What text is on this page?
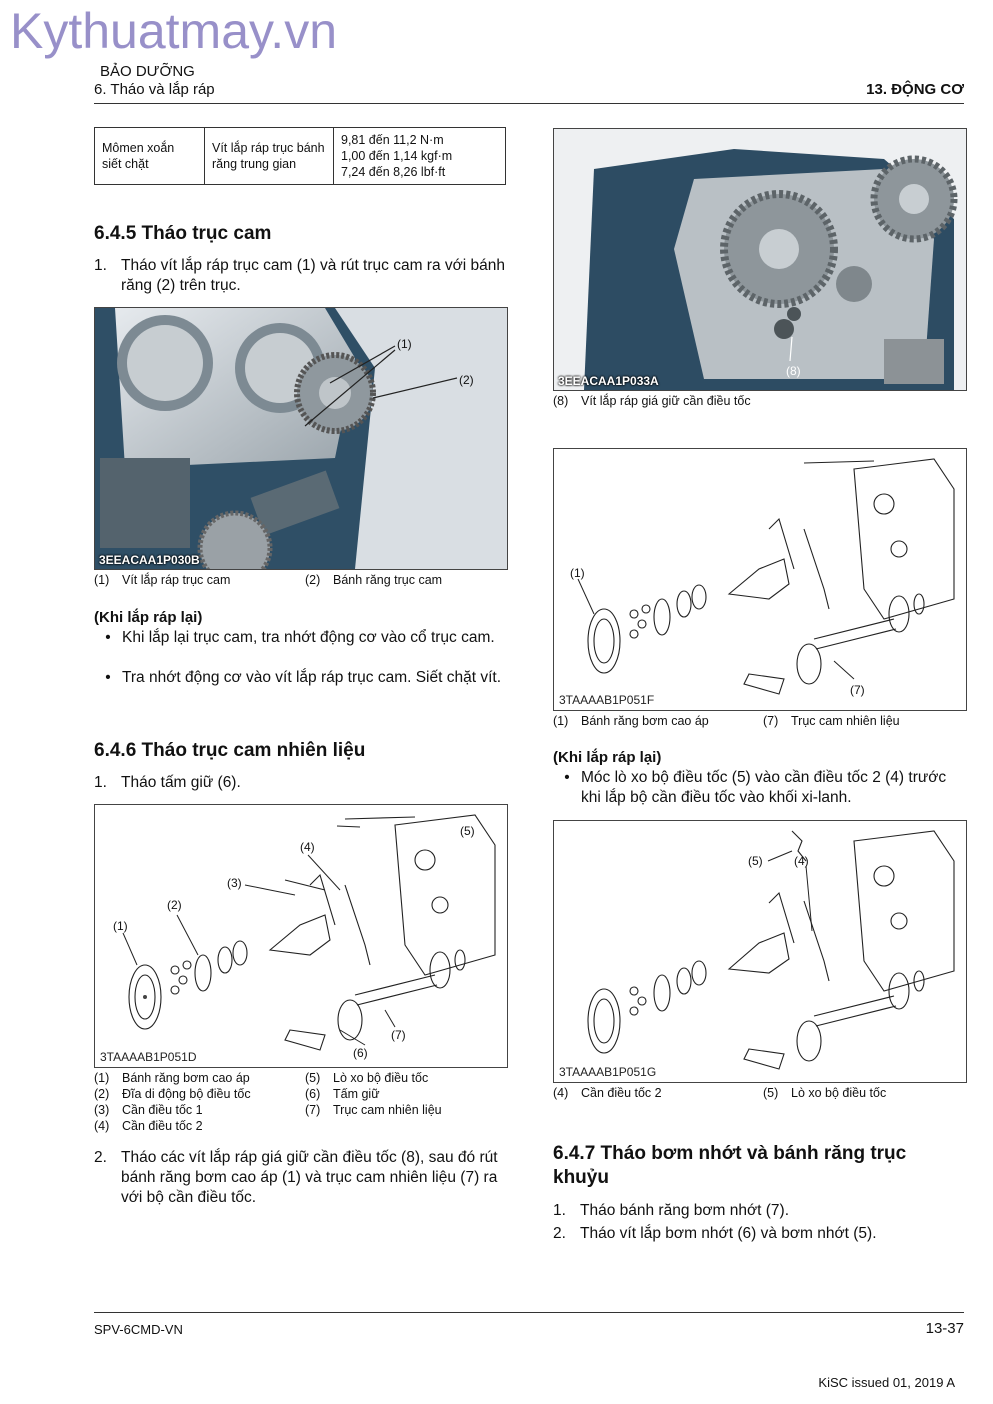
Kythuatmay.vn
BẢO DƯỠNG
6. Tháo và lắp ráp	13. ĐỘNG CƠ
Mômen xoắn siết chặt	Vít lắp ráp trục bánh răng trung gian	
9,81 đến 11,2 N·m
1,00 đến 1,14 kgf·m
7,24 đến 8,26 lbf·ft
6.4.5 Tháo trục cam
1. Tháo vít lắp ráp trục cam (1) và rút trục cam ra với bánh răng (2) trên trục.
(1)
(2)
3EEACAA1P030B
(1) Vít lắp ráp trục cam	(2) Bánh răng trục cam
(Khi lắp ráp lại)
• Khi lắp lại trục cam, tra nhớt động cơ vào cổ trục cam.
• Tra nhớt động cơ vào vít lắp ráp trục cam. Siết chặt vít.
6.4.6 Tháo trục cam nhiên liệu
1. Tháo tấm giữ (6).
(1)
(2)
(3)
(4)
(5)
(6)
(7)
3TAAAAB1P051D
(1) Bánh răng bơm cao áp
(2) Đĩa di động bộ điều tốc
(3) Cần điều tốc 1
(4) Cần điều tốc 2
(5) Lò xo bộ điều tốc
(6) Tấm giữ
(7) Trục cam nhiên liệu
2. Tháo các vít lắp ráp giá giữ cần điều tốc (8), sau đó rút bánh răng bơm cao áp (1) và trục cam nhiên liệu (7) ra với bộ cần điều tốc.
(8)
3EEACAA1P033A
(8) Vít lắp ráp giá giữ cần điều tốc
(1)
(7)
3TAAAAB1P051F
(1) Bánh răng bơm cao áp	(7) Trục cam nhiên liệu
(Khi lắp ráp lại)
• Móc lò xo bộ điều tốc (5) vào cần điều tốc 2 (4) trước khi lắp bộ cần điều tốc vào khối xi-lanh.
(5)	(4)
3TAAAAB1P051G
(4) Cần điều tốc 2	(5) Lò xo bộ điều tốc
6.4.7 Tháo bơm nhớt và bánh răng trục khuỷu
1. Tháo bánh răng bơm nhớt (7).
2. Tháo vít lắp bơm nhớt (6) và bơm nhớt (5).
SPV-6CMD-VN	13-37
KiSC issued 01, 2019 A
